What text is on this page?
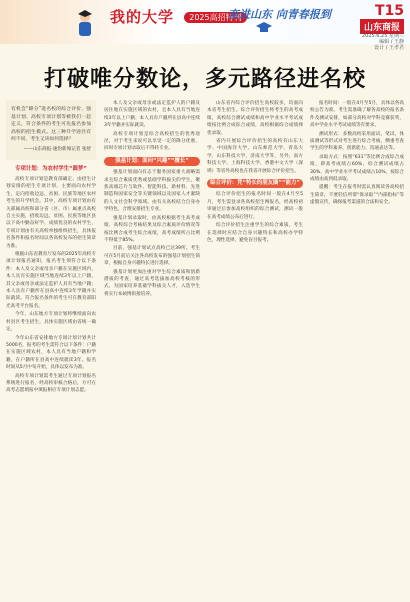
我的大学 2025高招特刊
奋进山东 向青春报到	T15
山东商报
2025.6.25 星期三
编辑 / 王静
设计 / 王孝君
打破唯分数论，多元路径进名校
有机会“降分”进名校的综合评价、强基计划、高校专项计划等被我们一起定义，符合条件的考生可先报名参加高校的招生模式。这三种升学途径有何不同，考生又该如何选择？
——山东商报·速豹新闻记者 张舒
专项计划：为农村学生“圆梦”

高校专项计划是教育部确定、由招生计划安排的招生专项计划，主要面向农村学生，定向招收边远、贫困、民族等地区农村考生的升学机会。其中，高校专项计划由有关部属高校和部分省（区、市）属重点高校自主实施，招收边远、贫困、民族等地区县以下高中勤奋好学、成绩优良的农村学生，专项计划由有关高校单独组织招生，具体报名条件和报名时间以各高校发布的招生简章为准。

根据山东省教育厅发布的2025年高校专项计划报名通知，报名考生须符合以下条件：本人及父亲或母亲户籍在实施区域内，本人具有实施区域当地连续3年以上户籍，其父亲或母亲或法定监护人具有当地户籍；本人具有户籍所在县高中连续3年学籍并实际就读。符合报名条件的考生可在教育部阳光高考平台报名。

今年，山东地方专项计划将继续面向农村县区考生招生，具体实施区域由省统一确定。

今年山东省安排地方专项计划计划共计5000名，报考的考生需符合以下条件：户籍在实施区域农村，本人具有当地户籍和学籍，在户籍所在县高中连续就读3年。报名时间从5月中旬开始，具体以发布为准。

高校专项计划需考生通过专项计划报名系统进行报名，经高校审核合格后，方可在高考志愿填报中填报相应专项计划志愿。

本人及父亲或母亲或法定监护人的户籍及居住地在实施区域的农村，且本人具有当地连续3年以上户籍；本人具有户籍所在县高中连续3年学籍并实际就读。

高校专项计划是综合高校招生的优秀途径，对于考生来说可以享受一定的降分优惠，同时专项计划录取后不得转专业。

强基计划：面向“兴趣”“擅长”

强基计划面向有志于服务国家重大战略需求且综合素质优秀或基础学科拔尖的学生，聚焦高端芯片与软件、智能科技、新材料、先进制造和国家安全等关键领域以及国家人才紧缺的人文社会科学领域。由有关高校结合自身办学特色，合理安排招生专业。

强基计划录取时，由高校根据考生高考成绩、高校综合考核结果及综合素质评价情况等按比例合成考生综合成绩，高考成绩所占比例不得低于85%。

目前，强基计划试点高校已达39所。考生可在5月前后关注各高校发布的强基计划招生简章，根据自身兴趣特长进行选择。

强基计划更加注重对学生综合素质和创新潜质的考查，通过高考选拔加高校考核的形式，为国家培养基础学科拔尖人才，入选学生将实行本硕博衔接培养。

山东省内综合评价招生高校较多，均面向本省考生招生。综合评价招生将考生的高考成绩、高校综合测试成绩和高中学业水平考试成绩按比例合成综合成绩，高校根据综合成绩择优录取。

省内开展综合评价招生的高校有山东大学、中国海洋大学、山东师范大学、青岛大学、山东科技大学、济南大学等，另外，南方科技大学、上海科技大学、香港中文大学（深圳）等省外高校也在我省开展综合评价招生。

综合评价：凭“特长的朋友圈”“能力”

综合评价招生的报名时间一般在4月至5月，考生需登录各高校招生网报名，经高校初审通过后参加高校组织的综合测试，测试一般在高考成绩公布后进行。

综合评价招生注重学生的综合素质，考生在选择时应结合自身兴趣特长和高校办学特色，理性选择，避免盲目报考。

报名时间：一般在4月至5月，具体以各高校公告为准。考生需准确了解各高校的报名条件及测试安排，如部分高校对学科竞赛获奖、高中学业水平考试成绩等有要求。

测试形式：多数高校采用面试、笔试、体质测试等形式对考生进行综合考核，侧重考查学生的学科素养、创新能力、沟通表达等。

录取方式：按照“631”等比例合成综合成绩，即高考成绩占60%、综合测试成绩占30%、高中学业水平考试成绩占10%，按综合成绩由高到低录取。

提醒：考生在报考时需认真阅读各高校招生简章，不要轻信所谓“保录取”“内部指标”等虚假宣传，确保报考渠道的合法和安全。
